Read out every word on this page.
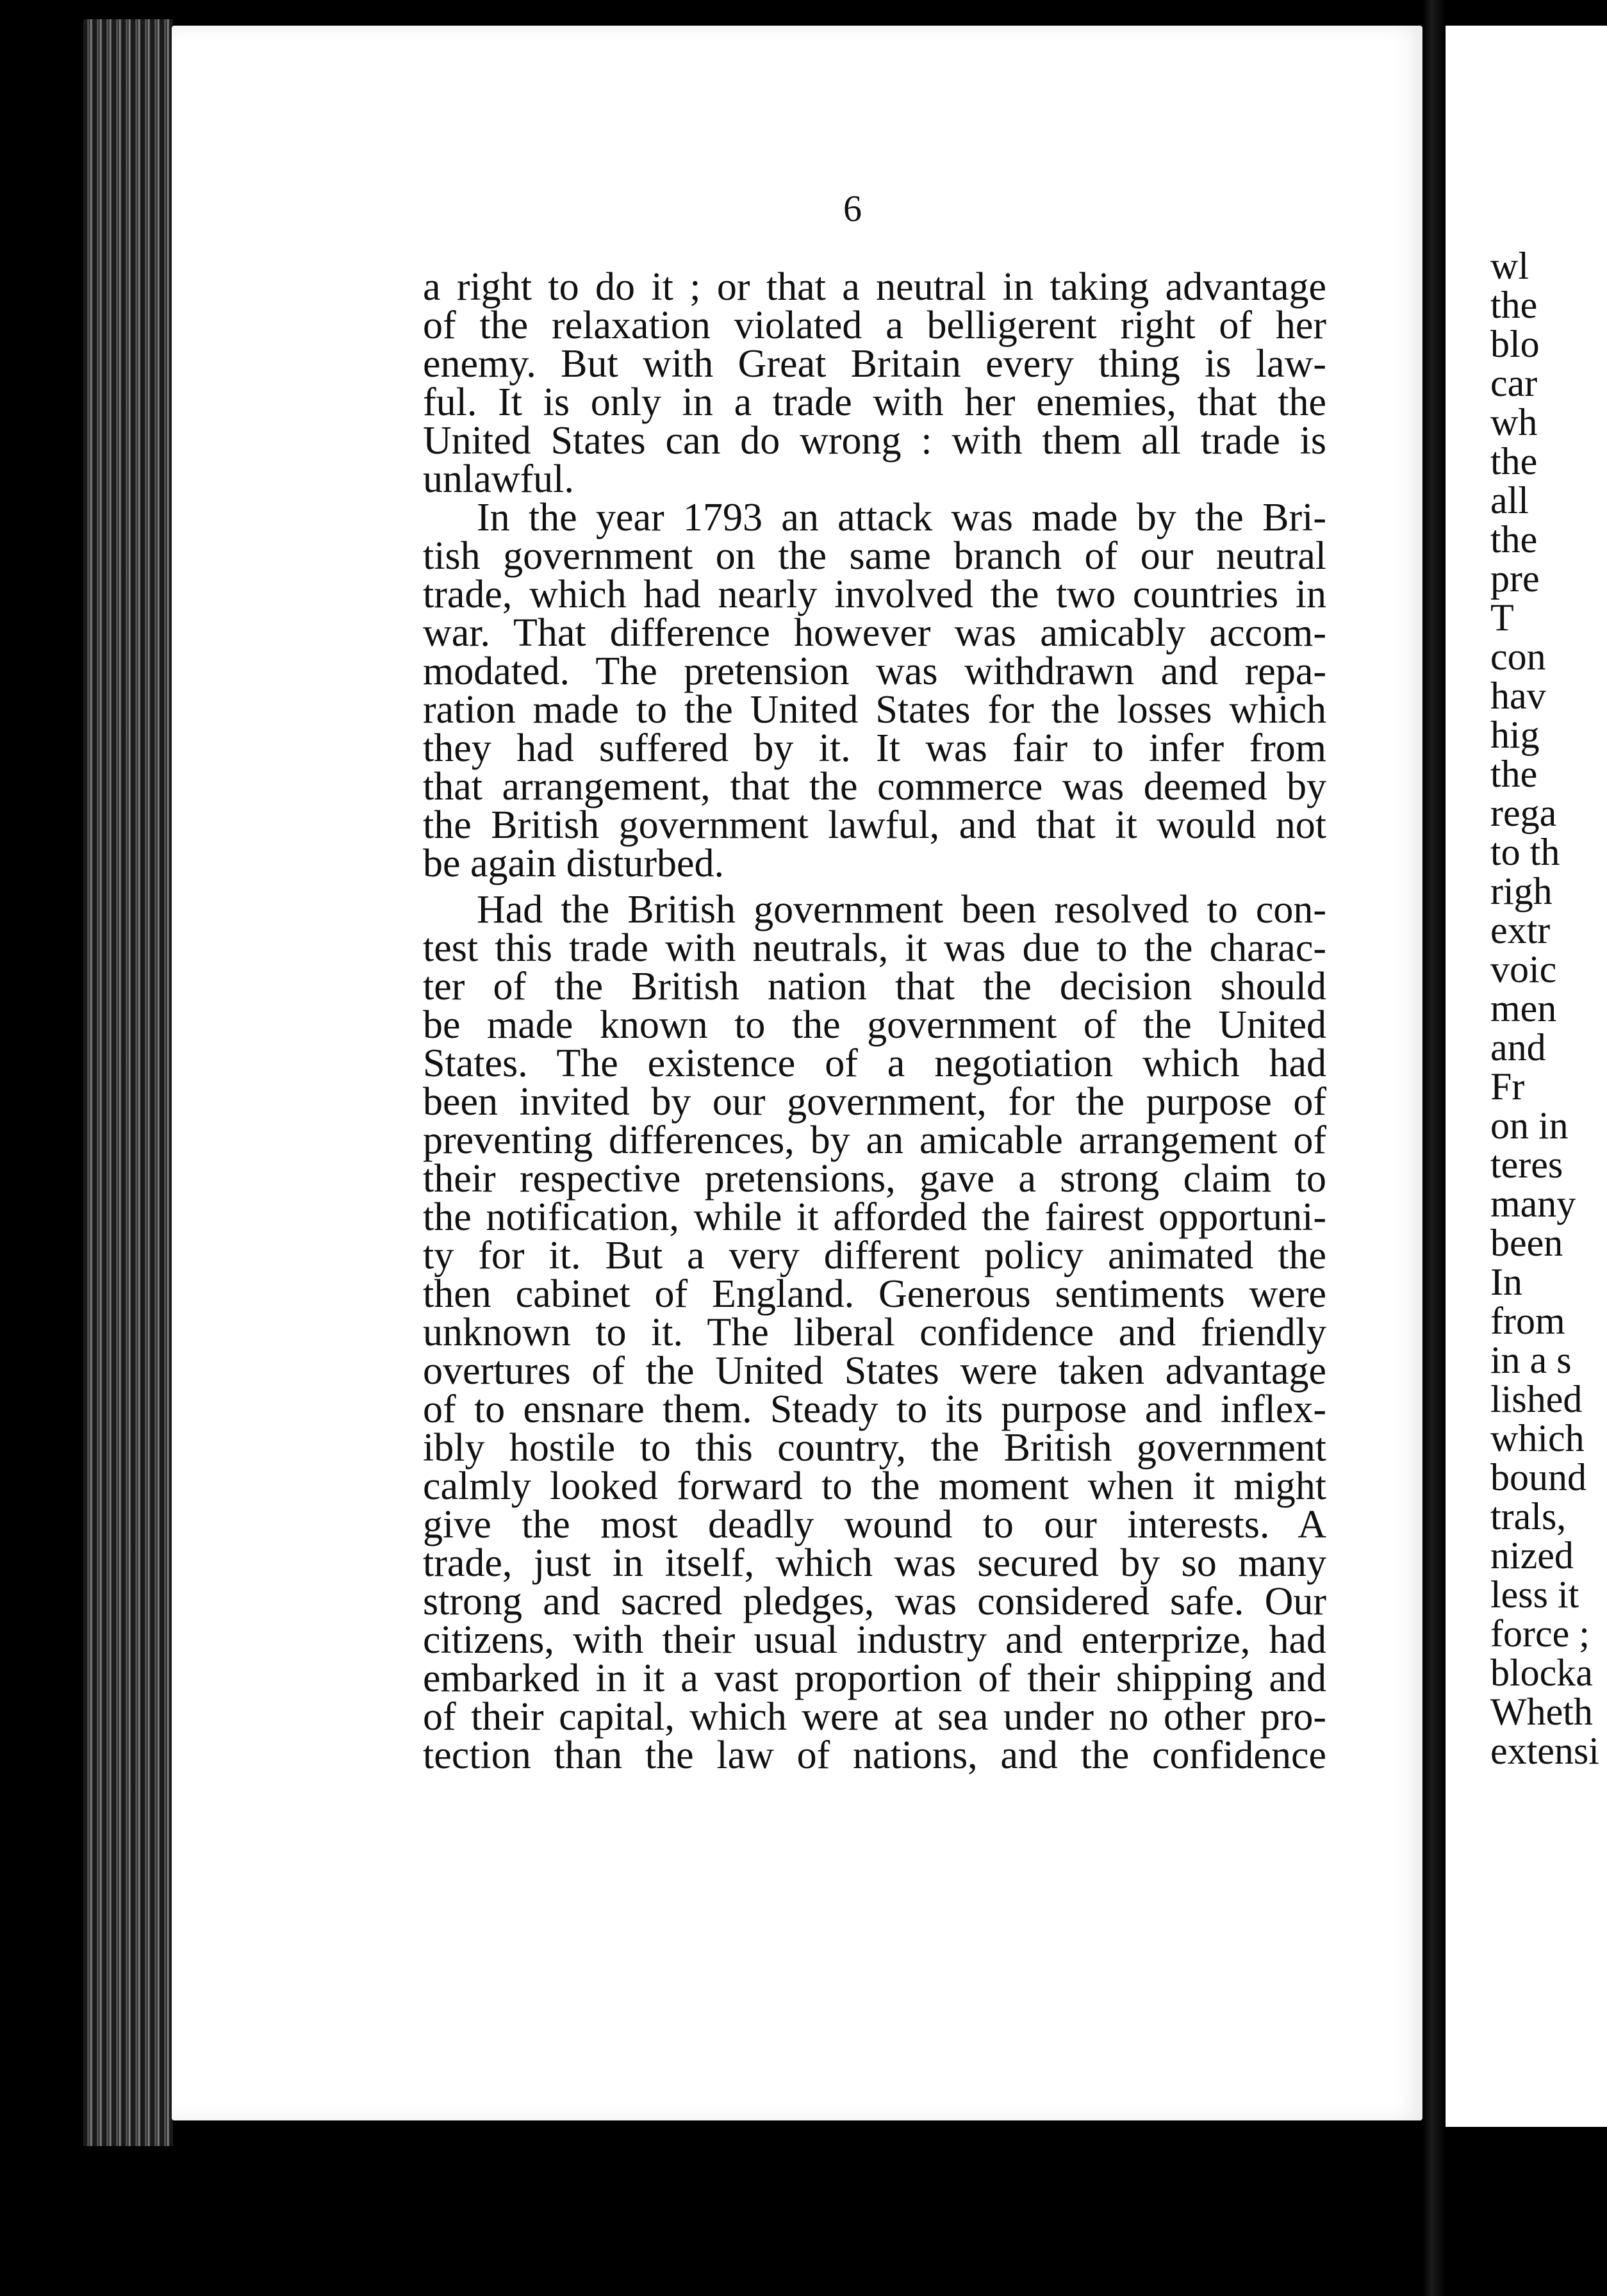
6
a right to do it ; or that a neutral in taking advantage
of the relaxation violated a belligerent right of her
enemy. But with Great Britain every thing is law-
ful. It is only in a trade with her enemies, that the
United States can do wrong : with them all trade is
unlawful.
In the year 1793 an attack was made by the Bri-
tish government on the same branch of our neutral
trade, which had nearly involved the two countries in
war. That difference however was amicably accom-
modated. The pretension was withdrawn and repa-
ration made to the United States for the losses which
they had suffered by it. It was fair to infer from
that arrangement, that the commerce was deemed by
the British government lawful, and that it would not
be again disturbed.
Had the British government been resolved to con-
test this trade with neutrals, it was due to the charac-
ter of the British nation that the decision should
be made known to the government of the United
States. The existence of a negotiation which had
been invited by our government, for the purpose of
preventing differences, by an amicable arrangement of
their respective pretensions, gave a strong claim to
the notification, while it afforded the fairest opportuni-
ty for it. But a very different policy animated the
then cabinet of England. Generous sentiments were
unknown to it. The liberal confidence and friendly
overtures of the United States were taken advantage
of to ensnare them. Steady to its purpose and inflex-
ibly hostile to this country, the British government
calmly looked forward to the moment when it might
give the most deadly wound to our interests. A
trade, just in itself, which was secured by so many
strong and sacred pledges, was considered safe. Our
citizens, with their usual industry and enterprize, had
embarked in it a vast proportion of their shipping and
of their capital, which were at sea under no other pro-
tection than the law of nations, and the confidence
wl
the
blo
car
wh
the
all
the
pre
T
con
hav
hig
the
rega
to th
righ
extr
voic
men
and
Fr
on in
teres
many
been
In
from
in a s
lished
which
bound
trals,
nized
less it
force ;
blocka
Wheth
extensi
